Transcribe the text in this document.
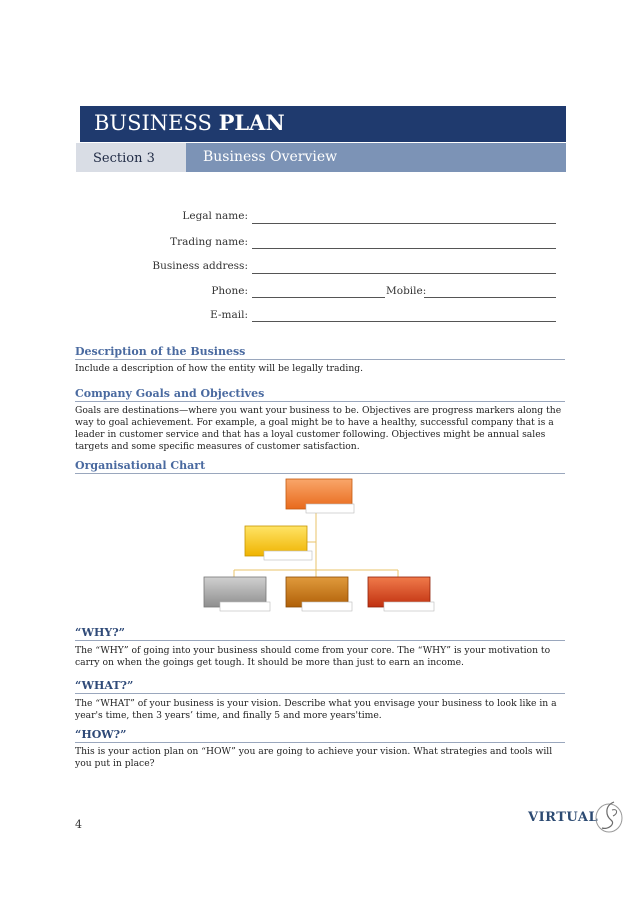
BUSINESS PLAN
Section 3	Business Overview
Legal name:
Trading name:
Business address:
Phone:	Mobile:
E-mail:
Description of the Business
Include a description of how the entity will be legally trading.
Company Goals and Objectives
Goals are destinations—where you want your business to be. Objectives are progress markers along the way to goal achievement. For example, a goal might be to have a healthy, successful company that is a leader in customer service and that has a loyal customer following. Objectives might be annual sales targets and some specific measures of customer satisfaction.
Organisational Chart
“WHY?”
The “WHY” of going into your business should come from your core. The “WHY” is your motivation to carry on when the goings get tough. It should be more than just to earn an income.
“WHAT?”
The “WHAT” of your business is your vision. Describe what you envisage your business to look like in a year's time, then 3 years’ time, and finally 5 and more years'time.
“HOW?”
This is your action plan on “HOW” you are going to achieve your vision. What strategies and tools will you put in place?
4	VIRTUAL
